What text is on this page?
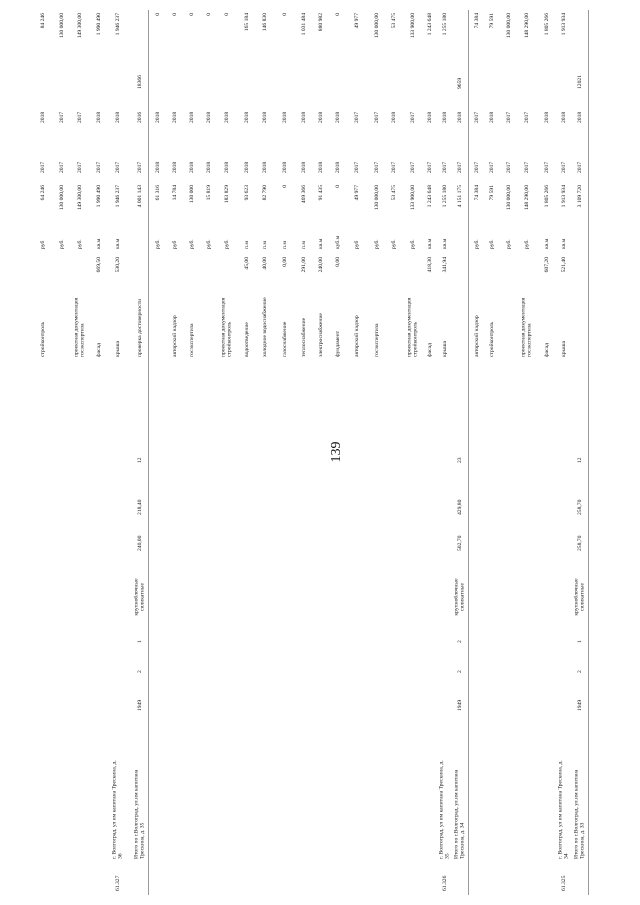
139
Итого по г.Волгоград, ул.им капитана Трескина, д. 33
1949
2
1
крупноблочные силикатные
258,70
258,70
12
3 109 720
2017
2018
12021
61.325
г. Волгоград, ул им капитана Трескина, д. 34
крыша
521,40
кв.м
1 913 934
2017
2018
1 913 934
фасад
607,20
кв.м
1 805 266
2017
2018
1 805 266
проектная документация госэкспертиза
руб.
148 290,00
2017
2017
148 290,00
руб.
130 000,00
2017
2017
130 000,00
стройконтроль
руб.
79 591
2017
2018
79 591
авторский надзор
руб.
74 384
2017
2017
74 384
Итого по г.Волгоград, ул.им капитана Трескина, д. 34
1949
2
2
крупноблочные силикатные
502,70
429,80
23
4 151 175
2017
2018
9659
61.326
г. Волгоград, ул им капитана Трескина, д. 35
крыша
341,94
кв.м
1 255 180
2017
2018
1 255 180
фасад
418,30
кв.м
1 243 648
2017
2018
1 243 648
проектная документация стройконтроль
руб.
133 900,00
2017
2017
133 900,00
руб.
53 475
2017
2018
53 475
госэкспертиза
руб.
130 000,00
2017
2017
130 000,00
авторский надзор
руб
49 977
2017
2017
49 977
фундамент
0,00
куб.м
0
2018
2018
0
электроснабжение
240,00
кв.м
91 435
2018
2018
880 982
теплоснабжение
291,00
п.м
469 366
2018
2018
1 031 484
газоснабжение
0,00
п.м
0
2018
2018
0
холодное водоснабжение
40,00
п.м
82 790
2018
2018
146 830
водоотведение
45,00
п.м
93 623
2018
2018
165 184
проектная документация стройконтроль
руб.
183 829
2018
2018
0
руб.
15 819
2018
2018
0
госэкспертиза
руб.
130 000
2018
2018
0
авторский надзор
руб
14 784
2018
2018
0
руб.
61 316
2018
2018
0
Итого по г.Волгоград, ул.им капитана Трескина, д. 35
1949
2
1
крупноблочные силикатные
240,00
218,40
12
проверка достоверности
4 001 143
2017
2016
18366
61.327
г. Волгоград, ул им капитана Трескина, д. 36
крыша
530,20
кв.м
1 946 237
2017
2018
1 946 237
фасад
669,50
кв.м
1 990 490
2017
2018
1 990 490
проектная документация госэкспертиза
руб.
149 300,00
2017
2017
149 300,00
руб.
130 000,00
2017
2017
130 000,00
стройконтроль
руб
64 246
2017
2018
84 246
